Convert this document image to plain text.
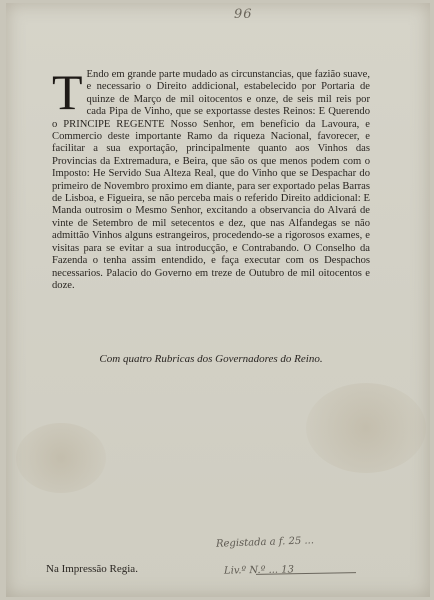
96
T Endo em grande parte mudado as circunstancias, que fazião suave, e necessario o Direito addicional, estabelecido por Portaria de quinze de Março de mil oitocentos e onze, de seis mil reis por cada Pipa de Vinho, que se exportasse destes Reinos: E Querendo o PRINCIPE REGENTE Nosso Senhor, em beneficio da Lavoura, e Commercio deste importante Ramo da riqueza Nacional, favorecer, e facilitar a sua exportação, principalmente quanto aos Vinhos das Provincias da Extremadura, e Beira, que são os que menos podem com o Imposto: He Servido Sua Alteza Real, que do Vinho que se Despachar do primeiro de Novembro proximo em diante, para ser exportado pelas Barras de Lisboa, e Figueira, se não perceba mais o referido Direito addicional: E Manda outrosim o Mesmo Senhor, excitando a observancia do Alvará de vinte de Setembro de mil setecentos e dez, que nas Alfandegas se não admittão Vinhos alguns estrangeiros, procedendo-se a rigorosos exames, e visitas para se evitar a sua introducção, e Contrabando. O Conselho da Fazenda o tenha assim entendido, e faça executar com os Despachos necessarios. Palacio do Governo em treze de Outubro de mil oitocentos e doze.
Com quatro Rubricas dos Governadores do Reino.
Registada a f. 25 ...
Liv.º N.º ... 13
Na Impressão Regia.
